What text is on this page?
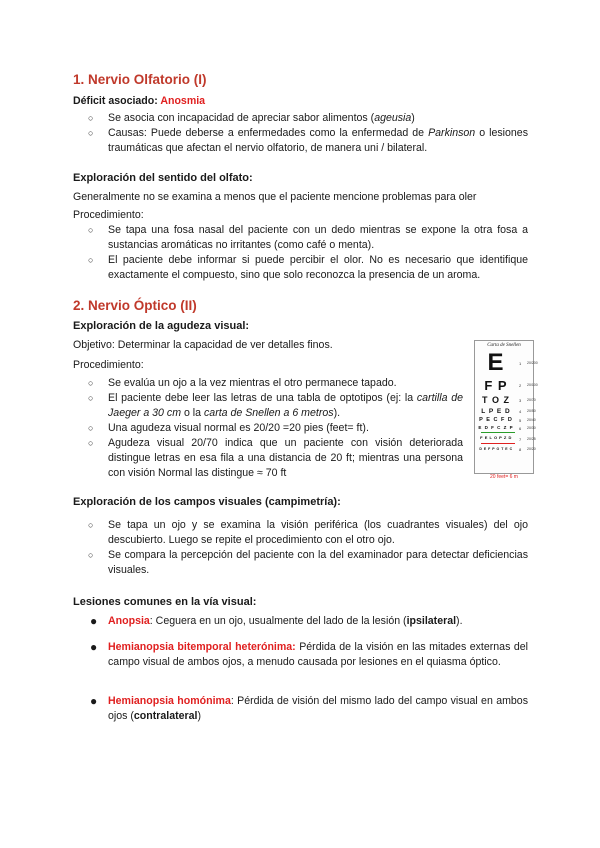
1. Nervio Olfatorio (I)
Déficit asociado: Anosmia
○ Se asocia con incapacidad de apreciar sabor alimentos (ageusia)
○ Causas: Puede deberse a enfermedades como la enfermedad de Parkinson o lesiones traumáticas que afectan el nervio olfatorio, de manera uni / bilateral.
Exploración del sentido del olfato:
Generalmente no se examina a menos que el paciente mencione problemas para oler
Procedimiento:
○ Se tapa una fosa nasal del paciente con un dedo mientras se expone la otra fosa a sustancias aromáticas no irritantes (como café o menta).
○ El paciente debe informar si puede percibir el olor. No es necesario que identifique exactamente el compuesto, sino que solo reconozca la presencia de un aroma.
2. Nervio Óptico (II)
Exploración de la agudeza visual:
Objetivo: Determinar la capacidad de ver detalles finos.
Procedimiento:
○ Se evalúa un ojo a la vez mientras el otro permanece tapado.
○ El paciente debe leer las letras de una tabla de optotipos (ej: la cartilla de Jaeger a 30 cm o la carta de Snellen a 6 metros).
○ Una agudeza visual normal es 20/20 =20 pies (feet= ft).
○ Agudeza visual 20/70 indica que un paciente con visión deteriorada distingue letras en esa fila a una distancia de 20 ft; mientras una persona con visión Normal las distingue ≈ 70 ft
Carta de Snellen
E
F P
T O Z
L P E D
P E C F D
E D F C Z P
F E L O P Z D
D E F P O T E C
1
2
3
4
5
6
7
8
20/200
20/100
20/70
20/50
20/40
20/30
20/25
20/20
20 feet= 6 m
Exploración de los campos visuales (campimetría):
○ Se tapa un ojo y se examina la visión periférica (los cuadrantes visuales) del ojo descubierto. Luego se repite el procedimiento con el otro ojo.
○ Se compara la percepción del paciente con la del examinador para detectar deficiencias visuales.
Lesiones comunes en la vía visual:
● Anopsia: Ceguera en un ojo, usualmente del lado de la lesión (ipsilateral).
● Hemianopsia bitemporal heterónima: Pérdida de la visión en las mitades externas del campo visual de ambos ojos, a menudo causada por lesiones en el quiasma óptico.
● Hemianopsia homónima: Pérdida de visión del mismo lado del campo visual en ambos ojos (contralateral)
